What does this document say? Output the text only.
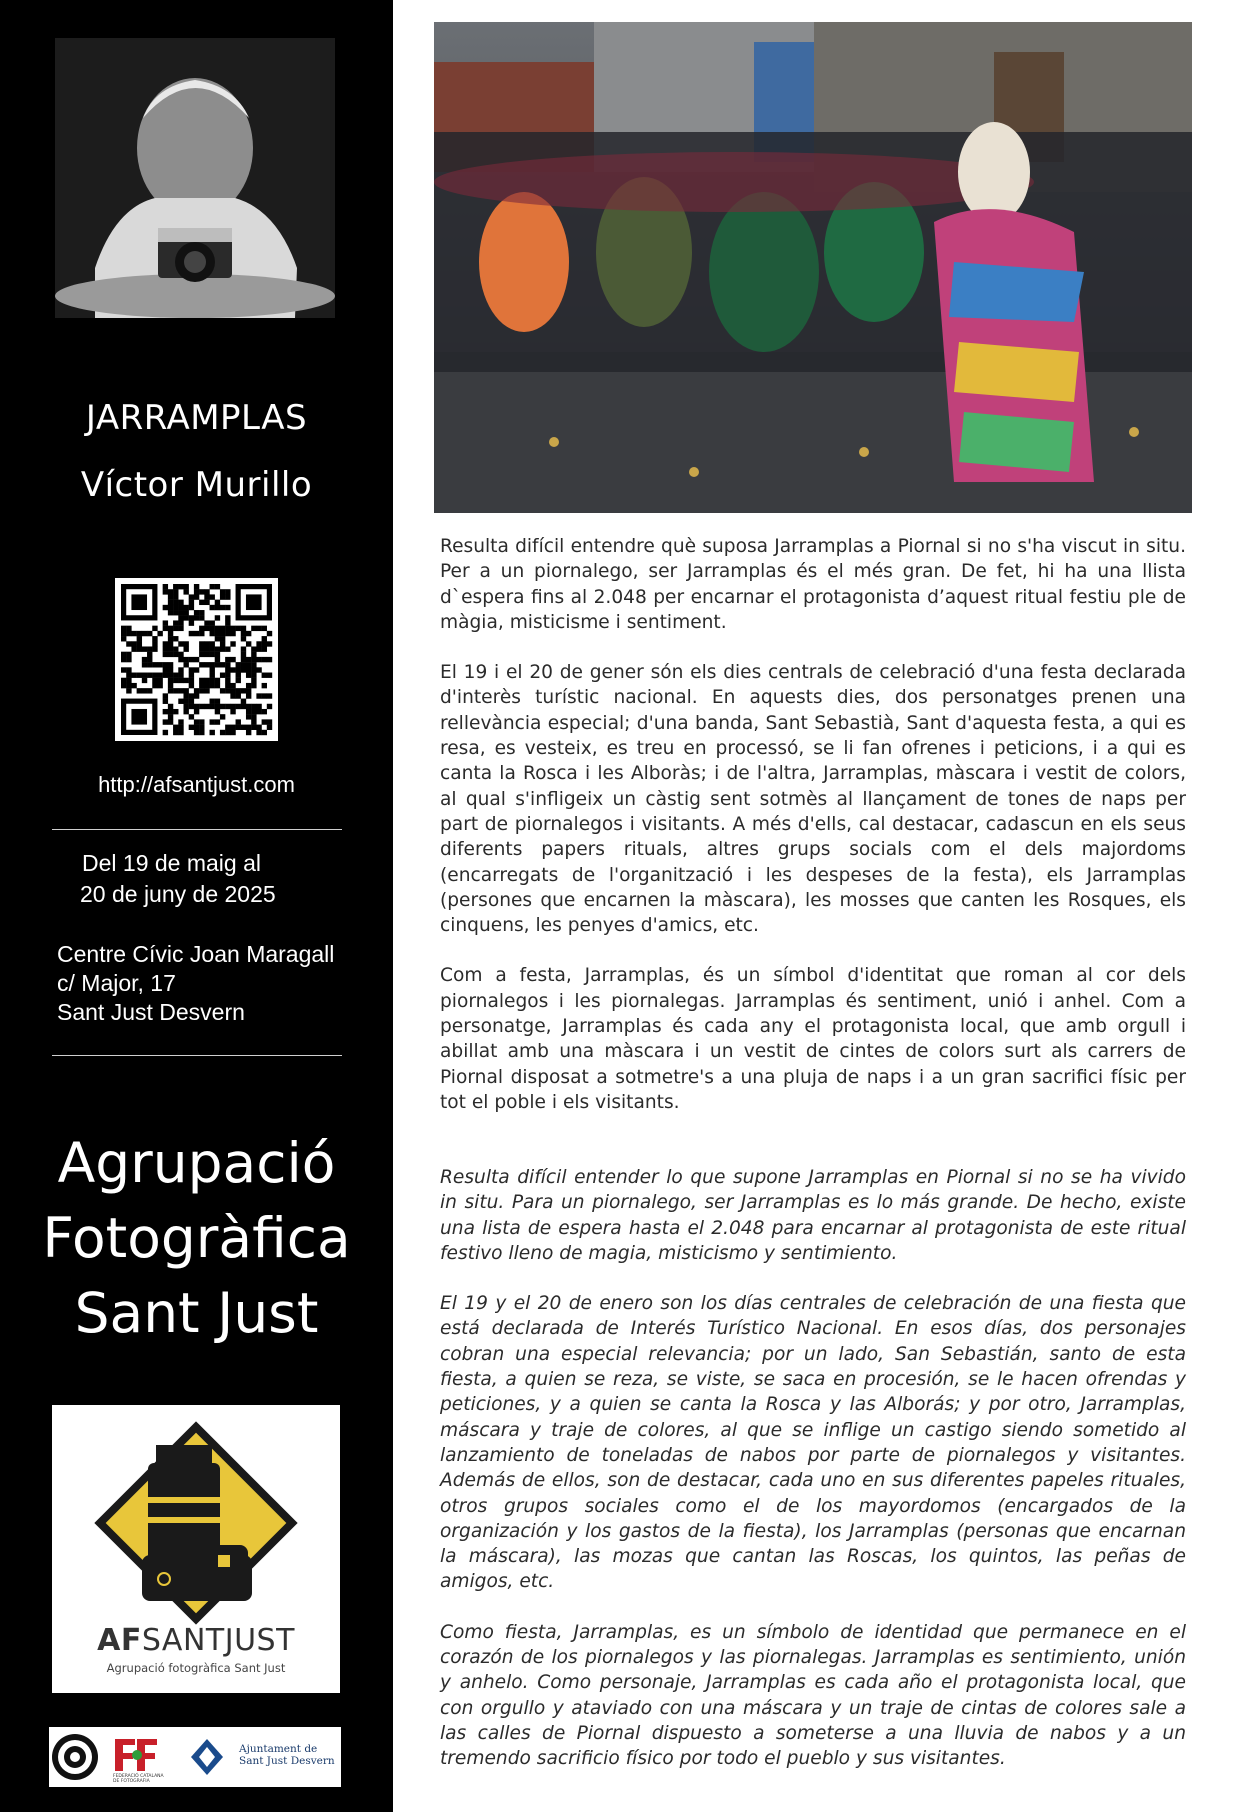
JARRAMPLAS
Víctor Murillo
http://afsantjust.com
Del 19 de maig al
20 de juny de 2025
Centre Cívic Joan Maragall
c/ Major, 17
Sant Just Desvern
Agrupació
Fotogràfica
Sant Just
AFSANTJUST
Agrupació fotogràfica Sant Just
FEDERACIÓ CATALANA
DE FOTOGRAFIA
Ajuntament de
Sant Just Desvern

Resulta difícil entendre què suposa Jarramplas a Piornal si no s'ha viscut in situ. Per a un piornalego, ser Jarramplas és el més gran. De fet, hi ha una llista d`espera fins al 2.048 per encarnar el protagonista d’aquest ritual festiu ple de màgia, misticisme i sentiment.

El 19 i el 20 de gener són els dies centrals de celebració d'una festa declarada d'interès turístic nacional. En aquests dies, dos personatges prenen una rellevància especial; d'una banda, Sant Sebastià, Sant d'aquesta festa, a qui es resa, es vesteix, es treu en processó, se li fan ofrenes i peticions, i a qui es canta la Rosca i les Alboràs; i de l'altra, Jarramplas, màscara i vestit de colors, al qual s'infligeix un càstig sent sotmès al llançament de tones de naps per part de piornalegos i visitants. A més d'ells, cal destacar, cadascun en els seus diferents papers rituals, altres grups socials com el dels majordoms (encarregats de l'organització i les despeses de la festa), els Jarramplas (persones que encarnen la màscara), les mosses que canten les Rosques, els cinquens, les penyes d'amics, etc.

Com a festa, Jarramplas, és un símbol d'identitat que roman al cor dels piornalegos i les piornalegas. Jarramplas és sentiment, unió i anhel. Com a personatge, Jarramplas és cada any el protagonista local, que amb orgull i abillat amb una màscara i un vestit de cintes de colors surt als carrers de Piornal disposat a sotmetre's a una pluja de naps i a un gran sacrifici físic per tot el poble i els visitants.

Resulta difícil entender lo que supone Jarramplas en Piornal si no se ha vivido in situ. Para un piornalego, ser Jarramplas es lo más grande. De hecho, existe una lista de espera hasta el 2.048 para encarnar al protagonista de este ritual festivo lleno de magia, misticismo y sentimiento.

El 19 y el 20 de enero son los días centrales de celebración de una fiesta que está declarada de Interés Turístico Nacional. En esos días, dos personajes cobran una especial relevancia; por un lado, San Sebastián, santo de esta fiesta, a quien se reza, se viste, se saca en procesión, se le hacen ofrendas y peticiones, y a quien se canta la Rosca y las Alborás; y por otro, Jarramplas, máscara y traje de colores, al que se inflige un castigo siendo sometido al lanzamiento de toneladas de nabos por parte de piornalegos y visitantes. Además de ellos, son de destacar, cada uno en sus diferentes papeles rituales, otros grupos sociales como el de los mayordomos (encargados de la organización y los gastos de la fiesta), los Jarramplas (personas que encarnan la máscara), las mozas que cantan las Roscas, los quintos, las peñas de amigos, etc.

Como fiesta, Jarramplas, es un símbolo de identidad que permanece en el corazón de los piornalegos y las piornalegas. Jarramplas es sentimiento, unión y anhelo. Como personaje, Jarramplas es cada año el protagonista local, que con orgullo y ataviado con una máscara y un traje de cintas de colores sale a las calles de Piornal dispuesto a someterse a una lluvia de nabos y a un tremendo sacrificio físico por todo el pueblo y sus visitantes.
